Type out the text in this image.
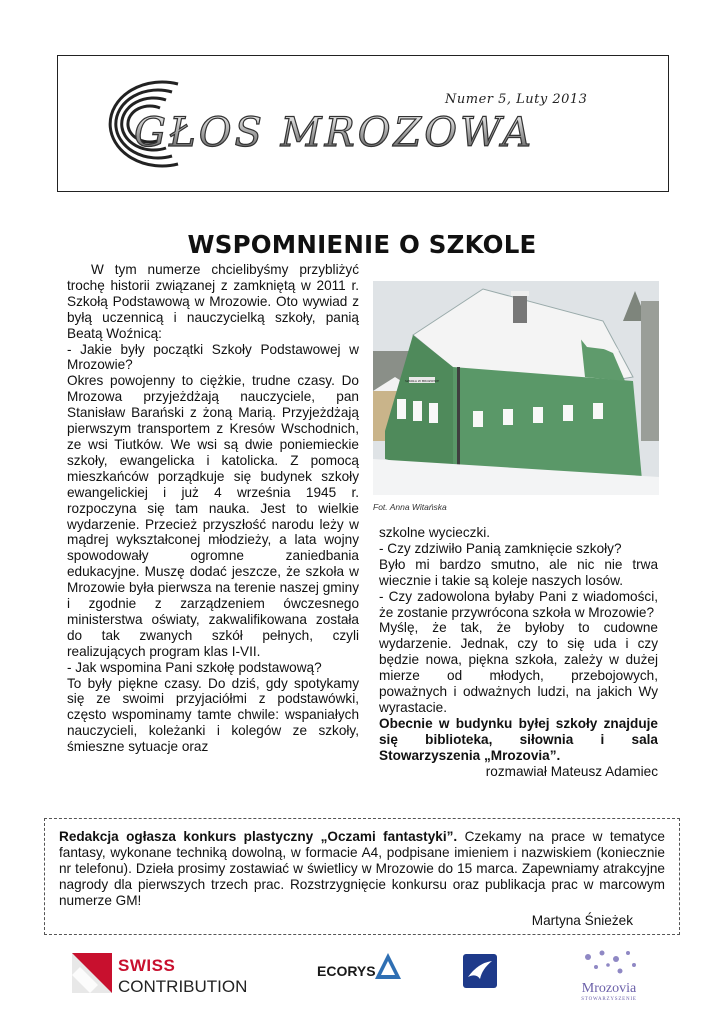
GŁOS MROZOWA
Numer 5, Luty 2013
WSPOMNIENIE O SZKOLE

W tym numerze chcielibyśmy przybliżyć trochę historii związanej z zamkniętą w 2011 r. Szkołą Podstawową w Mrozowie. Oto wywiad z byłą uczennicą i nauczycielką szkoły, panią Beatą Woźnicą:

- Jakie były początki Szkoły Podstawowej w Mrozowie?

Okres powojenny to ciężkie, trudne czasy. Do Mrozowa przyjeżdżają nauczyciele, pan Stanisław Barański z żoną Marią. Przyjeżdżają pierwszym transportem z Kresów Wschodnich, ze wsi Tiutków. We wsi są dwie poniemieckie szkoły, ewangelicka i katolicka. Z pomocą mieszkańców porządkuje się budynek szkoły ewangelickiej i już 4 września 1945 r. rozpoczyna się tam nauka. Jest to wielkie wydarzenie. Przecież przyszłość narodu leży w mądrej wykształconej młodzieży, a lata wojny spowodowały ogromne zaniedbania edukacyjne. Muszę dodać jeszcze, że szkoła w Mrozowie była pierwsza na terenie naszej gminy i zgodnie z zarządzeniem ówczesnego ministerstwa oświaty, zakwalifikowana została do tak zwanych szkół pełnych, czyli realizujących program klas I-VII.

- Jak wspomina Pani szkołę podstawową?

To były piękne czasy. Do dziś, gdy spotykamy się ze swoimi przyjaciółmi z podstawówki, często wspominamy tamte chwile: wspaniałych nauczycieli, koleżanki i kolegów ze szkoły, śmieszne sytuacje oraz

SZKOŁA W MROZOWIE
Fot. Anna Witańska

szkolne wycieczki.

- Czy zdziwiło Panią zamknięcie szkoły?

Było mi bardzo smutno, ale nic nie trwa wiecznie i takie są koleje naszych losów.

- Czy zadowolona byłaby Pani z wiadomości, że zostanie przywrócona szkoła w Mrozowie?

Myślę, że tak, że byłoby to cudowne wydarzenie. Jednak, czy to się uda i czy będzie nowa, piękna szkoła, zależy w dużej mierze od młodych, przebojowych, poważnych i odważnych ludzi, na jakich Wy wyrastacie.

Obecnie w budynku byłej szkoły znajduje się biblioteka, siłownia i sala Stowarzyszenia „Mrozovia”.

rozmawiał Mateusz Adamiec

Redakcja ogłasza konkurs plastyczny „Oczami fantastyki”. Czekamy na prace w tematyce fantasy, wykonane techniką dowolną, w formacie A4, podpisane imieniem i nazwiskiem (koniecznie nr telefonu). Dzieła prosimy zostawiać w świetlicy w Mrozowie do 15 marca. Zapewniamy atrakcyjne nagrody dla pierwszych trzech prac. Rozstrzygnięcie konkursu oraz publikacja prac w marcowym numerze GM!

Martyna Śnieżek

SWISS
CONTRIBUTION
ECORYS
Mrozovia
STOWARZYSZENIE
